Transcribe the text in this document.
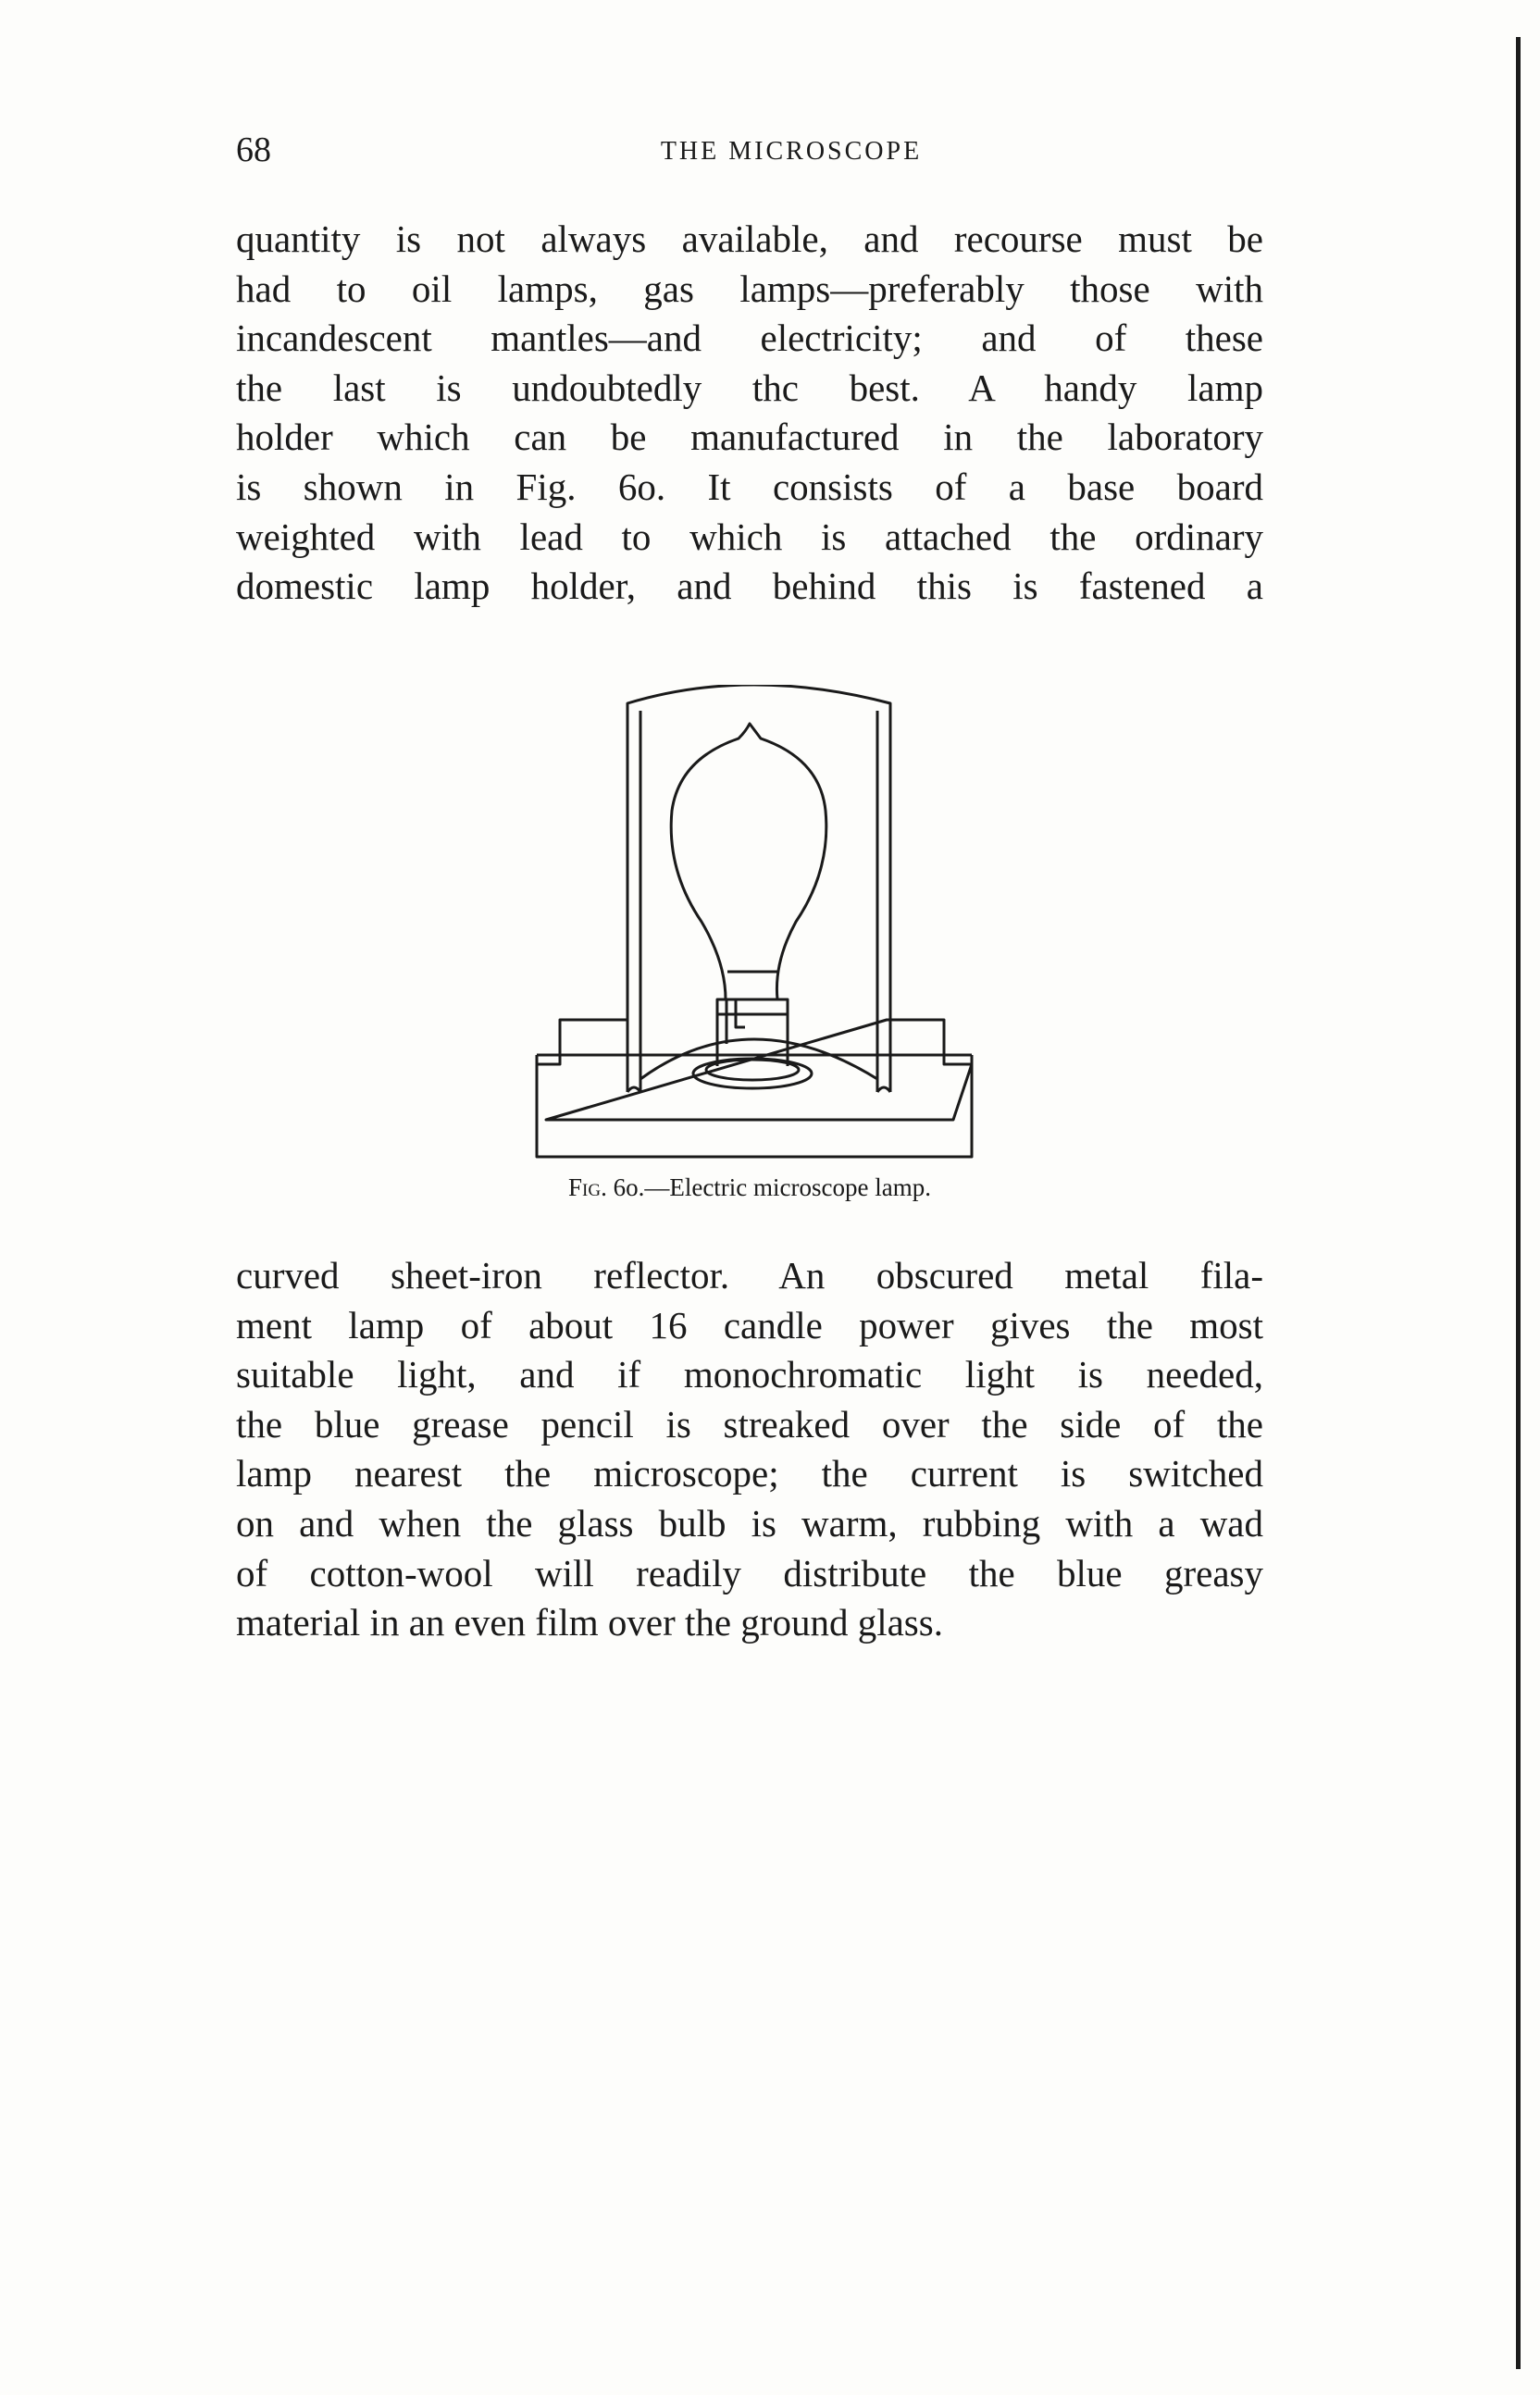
68	THE MICROSCOPE

quantity is not always available, and recourse must be
had to oil lamps, gas lamps—preferably those with
incandescent mantles—and electricity; and of these
the last is undoubtedly thc best. A handy lamp
holder which can be manufactured in the laboratory
is shown in Fig. 6o. It consists of a base board
weighted with lead to which is attached the ordinary
domestic lamp holder, and behind this is fastened a

Fig. 6o.—Electric microscope lamp.

curved sheet-iron reflector. An obscured metal fila-
ment lamp of about 16 candle power gives the most
suitable light, and if monochromatic light is needed,
the blue grease pencil is streaked over the side of the
lamp nearest the microscope; the current is switched
on and when the glass bulb is warm, rubbing with a wad
of cotton-wool will readily distribute the blue greasy
material in an even film over the ground glass.
